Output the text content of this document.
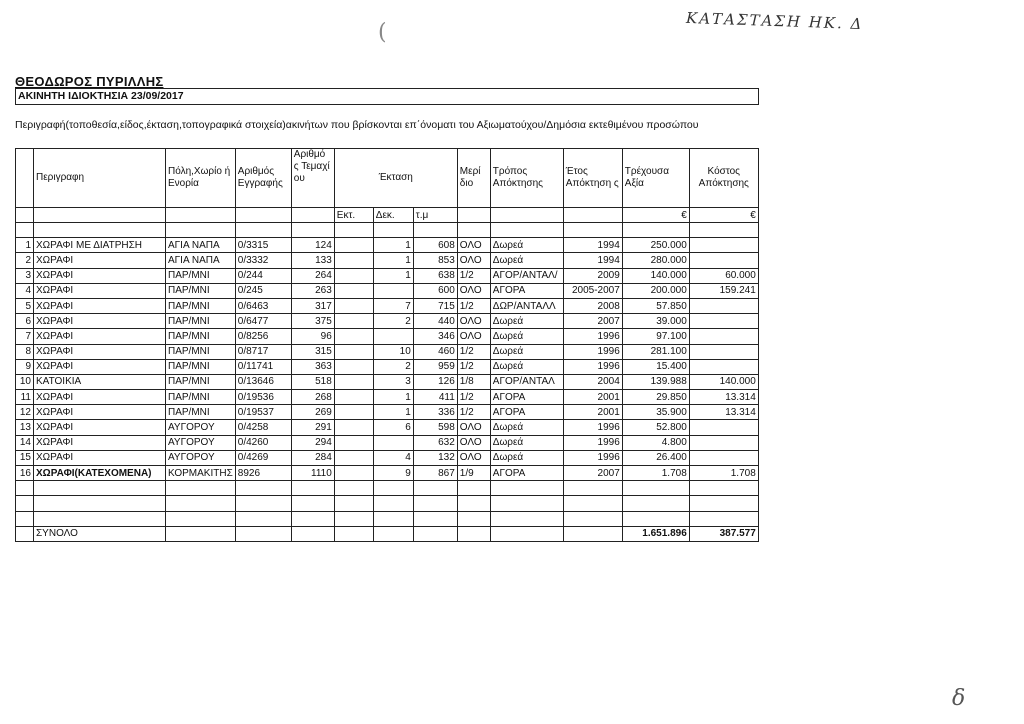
(	ΚΑΤΑΣΤΑΣΗ ΗΚ. Δ
ΘΕΟΔΩΡΟΣ ΠΥΡΙΛΛΗΣ
ΑΚΙΝΗΤΗ ΙΔΙΟΚΤΗΣΙΑ 23/09/2017
Περιγραφή(τοποθεσία,είδος,έκταση,τοπογραφικά στοιχεία)ακινήτων που βρίσκονται επ΄όνοματι του Αξιωματούχου/Δημόσια εκτεθιμένου προσώπου
	Περιγραφη	Πόλη,Χωρίο ή Ενορία	Αριθμός Εγγραφής	Αριθμό ς Τεμαχί ου	Έκταση			Μερί διο	Τρόπος Απόκτησης	Έτος Απόκτηση ς	Τρέχουσα Αξία	Κόστος Απόκτησης
					Εκτ.	Δεκ.	τ.μ				€	€

1	ΧΩΡΑΦΙ ΜΕ ΔΙΑΤΡΗΣΗ	ΑΓΙΑ ΝΑΠΑ	0/3315	124		1	608	ΟΛΟ	Δωρεά	1994	250.000	
2	ΧΩΡΑΦΙ	ΑΓΙΑ ΝΑΠΑ	0/3332	133		1	853	ΟΛΟ	Δωρεά	1994	280.000	
3	ΧΩΡΑΦΙ	ΠΑΡ/ΜΝΙ	0/244	264		1	638	1/2	ΑΓΟΡ/ΑΝΤΑΛ/	2009	140.000	60.000
4	ΧΩΡΑΦΙ	ΠΑΡ/ΜΝΙ	0/245	263			600	ΟΛΟ	ΑΓΟΡΑ	2005-2007	200.000	159.241
5	ΧΩΡΑΦΙ	ΠΑΡ/ΜΝΙ	0/6463	317		7	715	1/2	ΔΩΡ/ΑΝΤΑΛΛ	2008	57.850	
6	ΧΩΡΑΦΙ	ΠΑΡ/ΜΝΙ	0/6477	375		2	440	ΟΛΟ	Δωρεά	2007	39.000	
7	ΧΩΡΑΦΙ	ΠΑΡ/ΜΝΙ	0/8256	96			346	ΟΛΟ	Δωρεά	1996	97.100	
8	ΧΩΡΑΦΙ	ΠΑΡ/ΜΝΙ	0/8717	315		10	460	1/2	Δωρεά	1996	281.100	
9	ΧΩΡΑΦΙ	ΠΑΡ/ΜΝΙ	0/11741	363		2	959	1/2	Δωρεά	1996	15.400	
10	ΚΑΤΟΙΚΙΑ	ΠΑΡ/ΜΝΙ	0/13646	518		3	126	1/8	ΑΓΟΡ/ΑΝΤΑΛ	2004	139.988	140.000
11	ΧΩΡΑΦΙ	ΠΑΡ/ΜΝΙ	0/19536	268		1	411	1/2	ΑΓΟΡΑ	2001	29.850	13.314
12	ΧΩΡΑΦΙ	ΠΑΡ/ΜΝΙ	0/19537	269		1	336	1/2	ΑΓΟΡΑ	2001	35.900	13.314
13	ΧΩΡΑΦΙ	ΑΥΓΟΡΟΥ	0/4258	291		6	598	ΟΛΟ	Δωρεά	1996	52.800	
14	ΧΩΡΑΦΙ	ΑΥΓΟΡΟΥ	0/4260	294			632	ΟΛΟ	Δωρεά	1996	4.800	
15	ΧΩΡΑΦΙ	ΑΥΓΟΡΟΥ	0/4269	284		4	132	ΟΛΟ	Δωρεά	1996	26.400	
16	ΧΩΡΑΦΙ(ΚΑΤΕΧΟΜΕΝΑ)	ΚΟΡΜΑΚΙΤΗΣ	8926	1110		9	867	1/9	ΑΓΟΡΑ	2007	1.708	1.708

	ΣΥΝΟΛΟ										1.651.896	387.577
δ
